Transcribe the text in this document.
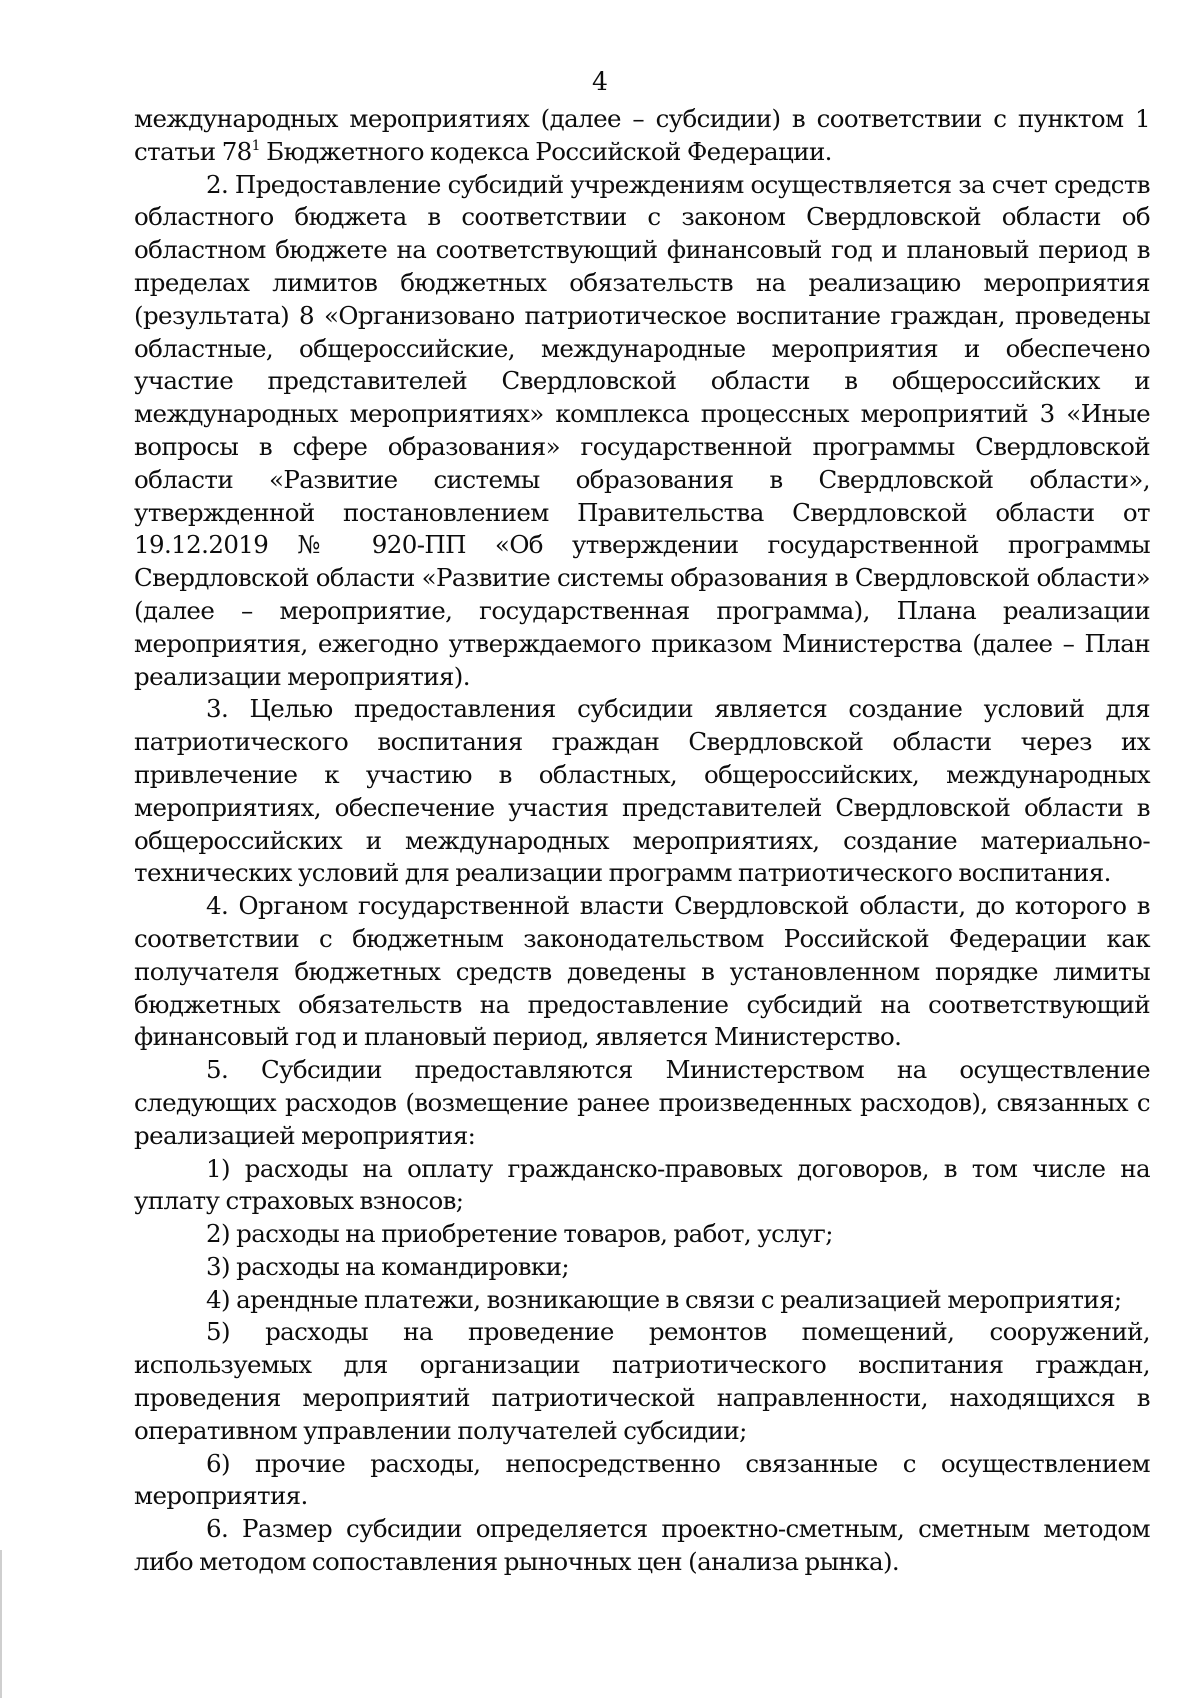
4

международных мероприятиях (далее – субсидии) в соответствии с пунктом 1 статьи $78^1$ Бюджетного кодекса Российской Федерации.

2. Предоставление субсидий учреждениям осуществляется за счет средств областного бюджета в соответствии с законом Свердловской области об областном бюджете на соответствующий финансовый год и плановый период в пределах лимитов бюджетных обязательств на реализацию мероприятия (результата) 8 «Организовано патриотическое воспитание граждан, проведены областные, общероссийские, международные мероприятия и обеспечено участие представителей Свердловской области в общероссийских и международных мероприятиях» комплекса процессных мероприятий 3 «Иные вопросы в сфере образования» государственной программы Свердловской области «Развитие системы образования в Свердловской области», утвержденной постановлением Правительства Свердловской области от 19.12.2019 № 920-ПП «Об утверждении государственной программы Свердловской области «Развитие системы образования в Свердловской области» (далее – мероприятие, государственная программа), Плана реализации мероприятия, ежегодно утверждаемого приказом Министерства (далее – План реализации мероприятия).

3. Целью предоставления субсидии является создание условий для патриотического воспитания граждан Свердловской области через их привлечение к участию в областных, общероссийских, международных мероприятиях, обеспечение участия представителей Свердловской области в общероссийских и международных мероприятиях, создание материально-технических условий для реализации программ патриотического воспитания.

4. Органом государственной власти Свердловской области, до которого в соответствии с бюджетным законодательством Российской Федерации как получателя бюджетных средств доведены в установленном порядке лимиты бюджетных обязательств на предоставление субсидий на соответствующий финансовый год и плановый период, является Министерство.

5. Субсидии предоставляются Министерством на осуществление следующих расходов (возмещение ранее произведенных расходов), связанных с реализацией мероприятия:

1) расходы на оплату гражданско-правовых договоров, в том числе на уплату страховых взносов;

2) расходы на приобретение товаров, работ, услуг;

3) расходы на командировки;

4) арендные платежи, возникающие в связи с реализацией мероприятия;

5) расходы на проведение ремонтов помещений, сооружений, используемых для организации патриотического воспитания граждан, проведения мероприятий патриотической направленности, находящихся в оперативном управлении получателей субсидии;

6) прочие расходы, непосредственно связанные с осуществлением мероприятия.

6. Размер субсидии определяется проектно-сметным, сметным методом либо методом сопоставления рыночных цен (анализа рынка).
